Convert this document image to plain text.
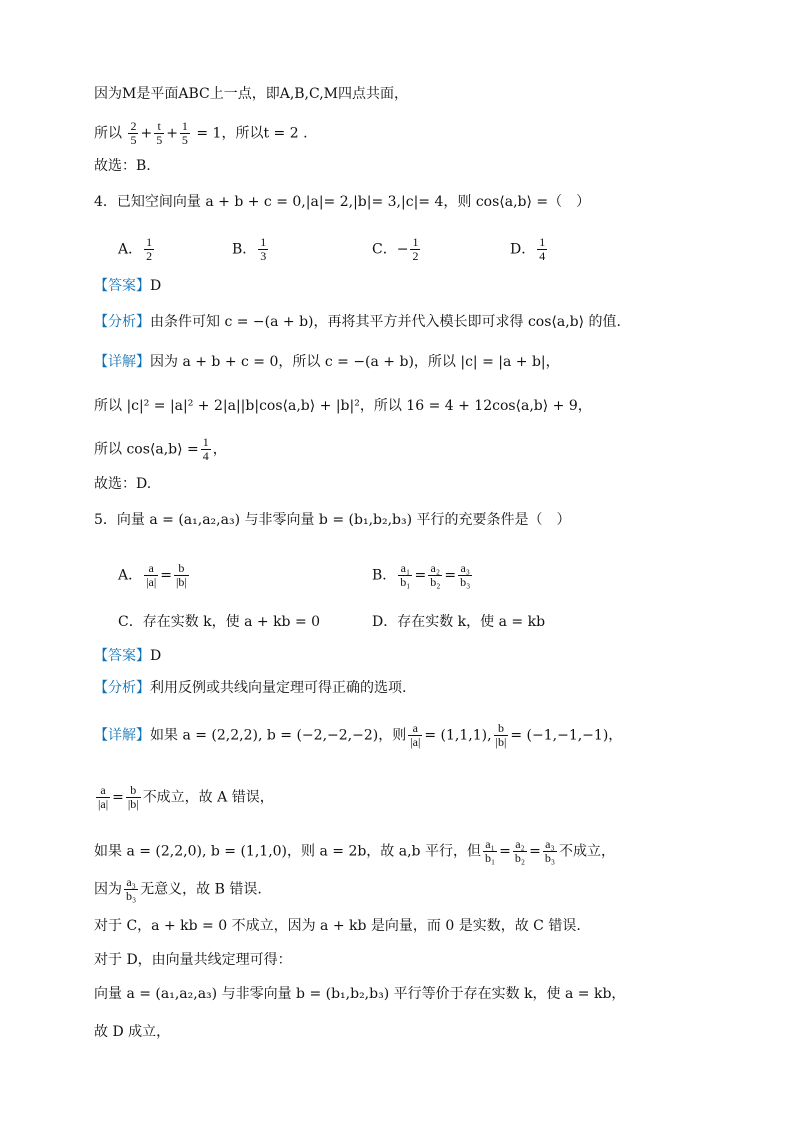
因为M是平面ABC上一点，即A,B,C,M四点共面，
所以 $\frac{2}{5} + \frac{t}{5} + \frac{1}{5} = 1$，所以t = 2 .
故选：B.
4．已知空间向量 a + b + c = 0,|a|= 2,|b|= 3,|c|= 4，则 cos⟨a,b⟩ =（　）
A． $\frac{1}{2}$	B． $\frac{1}{3}$	C．− $\frac{1}{2}$	D． $\frac{1}{4}$
【答案】D
【分析】由条件可知 c = −(a + b)，再将其平方并代入模长即可求得 cos⟨a,b⟩ 的值.
【详解】因为 a + b + c = 0，所以 c = −(a + b)，所以 |c| = |a + b|，
所以 |c|² = |a|² + 2|a||b|cos⟨a,b⟩ + |b|²，所以 16 = 4 + 12cos⟨a,b⟩ + 9，
所以 cos⟨a,b⟩ = $\frac{1}{4}$ ，
故选：D.
5．向量 a = (a₁,a₂,a₃) 与非零向量 b = (b₁,b₂,b₃) 平行的充要条件是（　）
A． $\frac{a}{|a|} = \frac{b}{|b|}$	B． $\frac{\text{a₁}}{\text{b₁}} = \frac{\text{a₂}}{\text{b₂}} = \frac{\text{a₃}}{\text{b₃}}$
C．存在实数 k，使 a + kb = 0	D．存在实数 k，使 a = kb
【答案】D
【分析】利用反例或共线向量定理可得正确的选项.
【详解】如果 a = (2,2,2), b = (−2,−2,−2)，则 $\frac{a}{|a|} = (1,1,1)$, $\frac{b}{|b|} = (-1,-1,-1)$，
$\frac{a}{|a|} = \frac{b}{|b|}$ 不成立，故 A 错误，
如果 a = (2,2,0), b = (1,1,0)，则 a = 2b，故 a,b 平行，但 $\frac{\text{a₁}}{\text{b₁}} = \frac{\text{a₂}}{\text{b₂}} = \frac{\text{a₃}}{\text{b₃}}$ 不成立，
因为 $\frac{\text{a₃}}{\text{b₃}}$ 无意义，故 B 错误.
对于 C，a + kb = 0 不成立，因为 a + kb 是向量，而 0 是实数，故 C 错误.
对于 D，由向量共线定理可得：
向量 a = (a₁,a₂,a₃) 与非零向量 b = (b₁,b₂,b₃) 平行等价于存在实数 k，使 a = kb，
故 D 成立，
